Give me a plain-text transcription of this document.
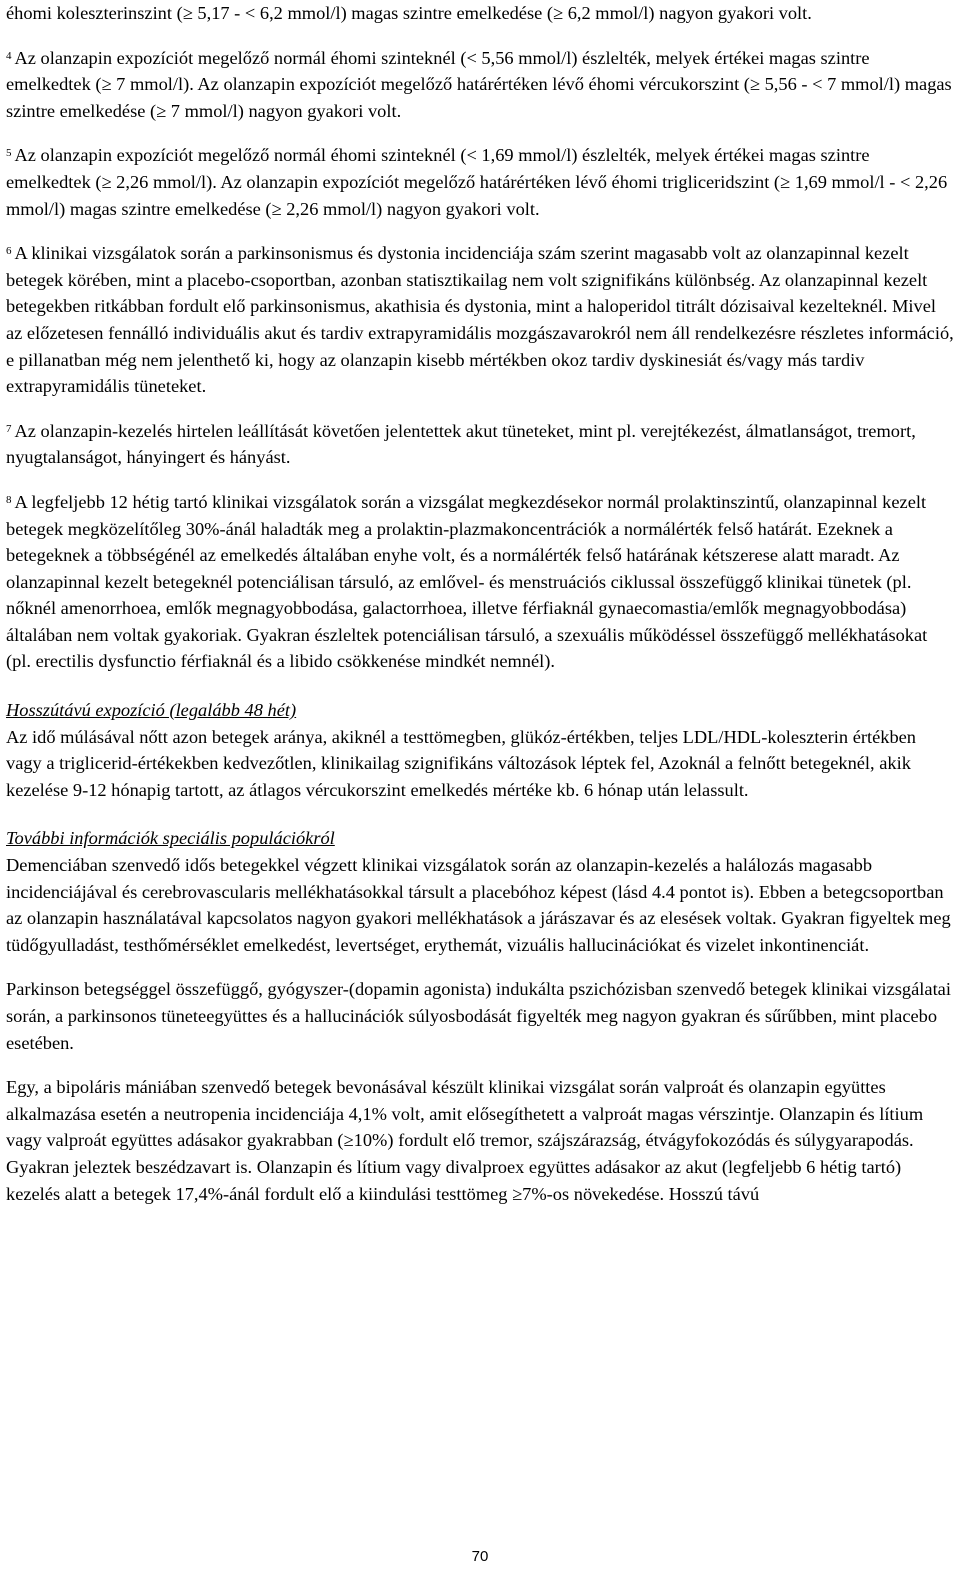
éhomi koleszterinszint (≥ 5,17 - < 6,2 mmol/l) magas szintre emelkedése (≥ 6,2 mmol/l) nagyon gyakori volt.

$^4$ Az olanzapin expozíciót megelőző normál éhomi szinteknél (< 5,56 mmol/l) észlelték, melyek értékei magas szintre emelkedtek (≥ 7 mmol/l). Az olanzapin expozíciót megelőző határértéken lévő éhomi vércukorszint (≥ 5,56 - < 7 mmol/l) magas szintre emelkedése (≥ 7 mmol/l) nagyon gyakori volt.

$^5$ Az olanzapin expozíciót megelőző normál éhomi szinteknél (< 1,69 mmol/l) észlelték, melyek értékei magas szintre emelkedtek (≥ 2,26 mmol/l). Az olanzapin expozíciót megelőző határértéken lévő éhomi trigliceridszint (≥ 1,69 mmol/l - < 2,26 mmol/l) magas szintre emelkedése (≥ 2,26 mmol/l) nagyon gyakori volt.

$^6$ A klinikai vizsgálatok során a parkinsonismus és dystonia incidenciája szám szerint magasabb volt az olanzapinnal kezelt betegek körében, mint a placebo-csoportban, azonban statisztikailag nem volt szignifikáns különbség. Az olanzapinnal kezelt betegekben ritkábban fordult elő parkinsonismus, akathisia és dystonia, mint a haloperidol titrált dózisaival kezelteknél. Mivel az előzetesen fennálló individuális akut és tardiv extrapyramidális mozgászavarokról nem áll rendelkezésre részletes információ, e pillanatban még nem jelenthető ki, hogy az olanzapin kisebb mértékben okoz tardiv dyskinesiát és/vagy más tardiv extrapyramidális tüneteket.

$^7$ Az olanzapin-kezelés hirtelen leállítását követően jelentettek akut tüneteket, mint pl. verejtékezést, álmatlanságot, tremort, nyugtalanságot, hányingert és hányást.

$^8$ A legfeljebb 12 hétig tartó klinikai vizsgálatok során a vizsgálat megkezdésekor normál prolaktinszintű, olanzapinnal kezelt betegek megközelítőleg 30%-ánál haladták meg a prolaktin-plazmakoncentrációk a normálérték felső határát. Ezeknek a betegeknek a többségénél az emelkedés általában enyhe volt, és a normálérték felső határának kétszerese alatt maradt. Az olanzapinnal kezelt betegeknél potenciálisan társuló, az emlővel- és menstruációs ciklussal összefüggő klinikai tünetek (pl. nőknél amenorrhoea, emlők megnagyobbodása, galactorrhoea, illetve férfiaknál gynaecomastia/emlők megnagyobbodása) általában nem voltak gyakoriak. Gyakran észleltek potenciálisan társuló, a szexuális működéssel összefüggő mellékhatásokat (pl. erectilis dysfunctio férfiaknál és a libido csökkenése mindkét nemnél).

Hosszútávú expozíció (legalább 48 hét)

Az idő múlásával nőtt azon betegek aránya, akiknél a testtömegben, glükóz-értékben, teljes LDL/HDL-koleszterin értékben vagy a triglicerid-értékekben kedvezőtlen, klinikailag szignifikáns változások léptek fel, Azoknál a felnőtt betegeknél, akik kezelése 9-12 hónapig tartott, az átlagos vércukorszint emelkedés mértéke kb. 6 hónap után lelassult.

További információk speciális populációkról

Demenciában szenvedő idős betegekkel végzett klinikai vizsgálatok során az olanzapin-kezelés a halálozás magasabb incidenciájával és cerebrovascularis mellékhatásokkal társult a placebóhoz képest (lásd 4.4 pontot is). Ebben a betegcsoportban az olanzapin használatával kapcsolatos nagyon gyakori mellékhatások a járászavar és az elesések voltak. Gyakran figyeltek meg tüdőgyulladást, testhőmérséklet emelkedést, levertséget, erythemát, vizuális hallucinációkat és vizelet inkontinenciát.

Parkinson betegséggel összefüggő, gyógyszer-(dopamin agonista) indukálta pszichózisban szenvedő betegek klinikai vizsgálatai során, a parkinsonos tüneteegyüttes és a hallucinációk súlyosbodását figyelték meg nagyon gyakran és sűrűbben, mint placebo esetében.

Egy, a bipoláris mániában szenvedő betegek bevonásával készült klinikai vizsgálat során valproát és olanzapin együttes alkalmazása esetén a neutropenia incidenciája 4,1% volt, amit elősegíthetett a valproát magas vérszintje. Olanzapin és lítium vagy valproát együttes adásakor gyakrabban (≥10%) fordult elő tremor, szájszárazság, étvágyfokozódás és súlygyarapodás. Gyakran jeleztek beszédzavart is. Olanzapin és lítium vagy divalproex együttes adásakor az akut (legfeljebb 6 hétig tartó) kezelés alatt a betegek 17,4%-ánál fordult elő a kiindulási testtömeg ≥7%-os növekedése. Hosszú távú

70
